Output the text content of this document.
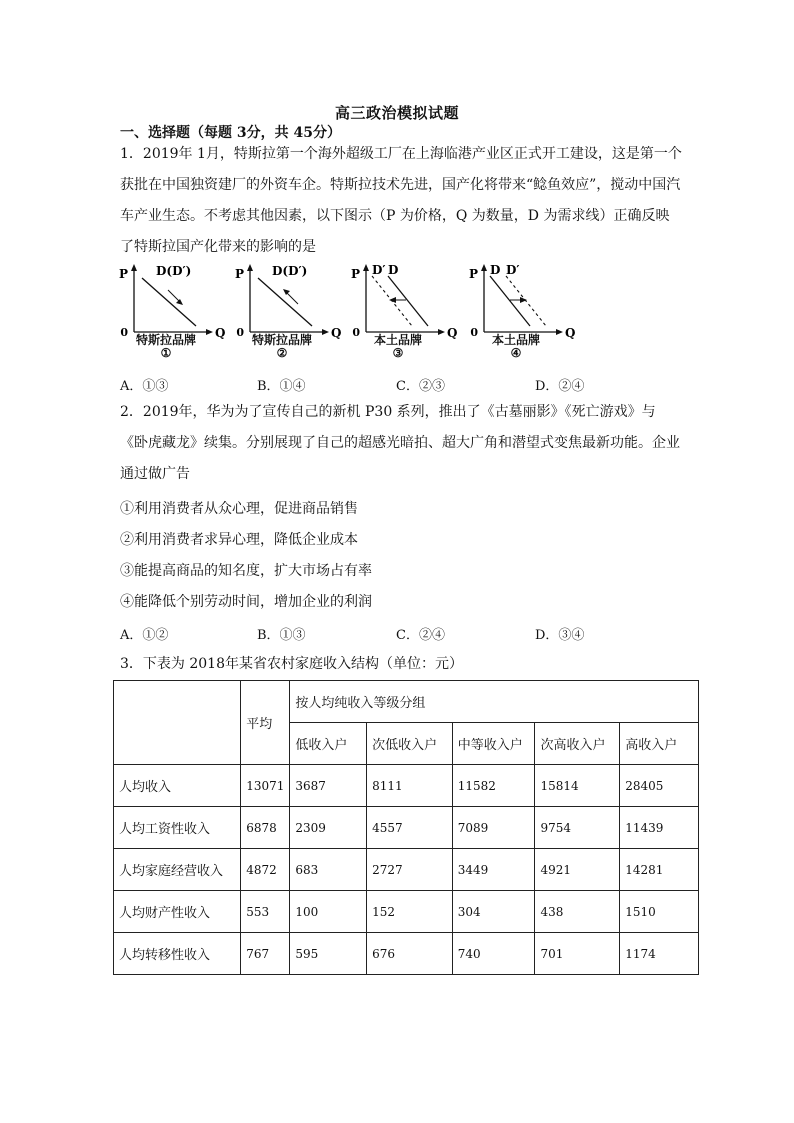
高三政治模拟试题
一、选择题（每题 3分，共 45分）
1．2019年 1月，特斯拉第一个海外超级工厂在上海临港产业区正式开工建设，这是第一个获批在中国独资建厂的外资车企。特斯拉技术先进，国产化将带来“鲶鱼效应”，搅动中国汽车产业生态。不考虑其他因素，以下图示（P 为价格，Q 为数量，D 为需求线）正确反映了特斯拉国产化带来的影响的是
P
Q
0
D(D′)
特斯拉品牌
①
P
Q
0
D(D′)
特斯拉品牌
②
P
Q
0
D′ D
本土品牌
③
P
Q
0
D D′
本土品牌
④
A．①③	B．①④	C．②③	D．②④
2．2019年，华为为了宣传自己的新机 P30 系列，推出了《古墓丽影》《死亡游戏》与《卧虎藏龙》续集。分别展现了自己的超感光暗拍、超大广角和潜望式变焦最新功能。企业通过做广告
①利用消费者从众心理，促进商品销售
②利用消费者求异心理，降低企业成本
③能提高商品的知名度，扩大市场占有率
④能降低个别劳动时间，增加企业的利润
A．①②	B．①③	C．②④	D．③④
3．下表为 2018年某省农村家庭收入结构（单位：元）
	平均	按人均纯收入等级分组				
		低收入户	次低收入户	中等收入户	次高收入户	高收入户
人均收入	13071	3687	8111	11582	15814	28405
人均工资性收入	6878	2309	4557	7089	9754	11439
人均家庭经营收入	4872	683	2727	3449	4921	14281
人均财产性收入	553	100	152	304	438	1510
人均转移性收入	767	595	676	740	701	1174
